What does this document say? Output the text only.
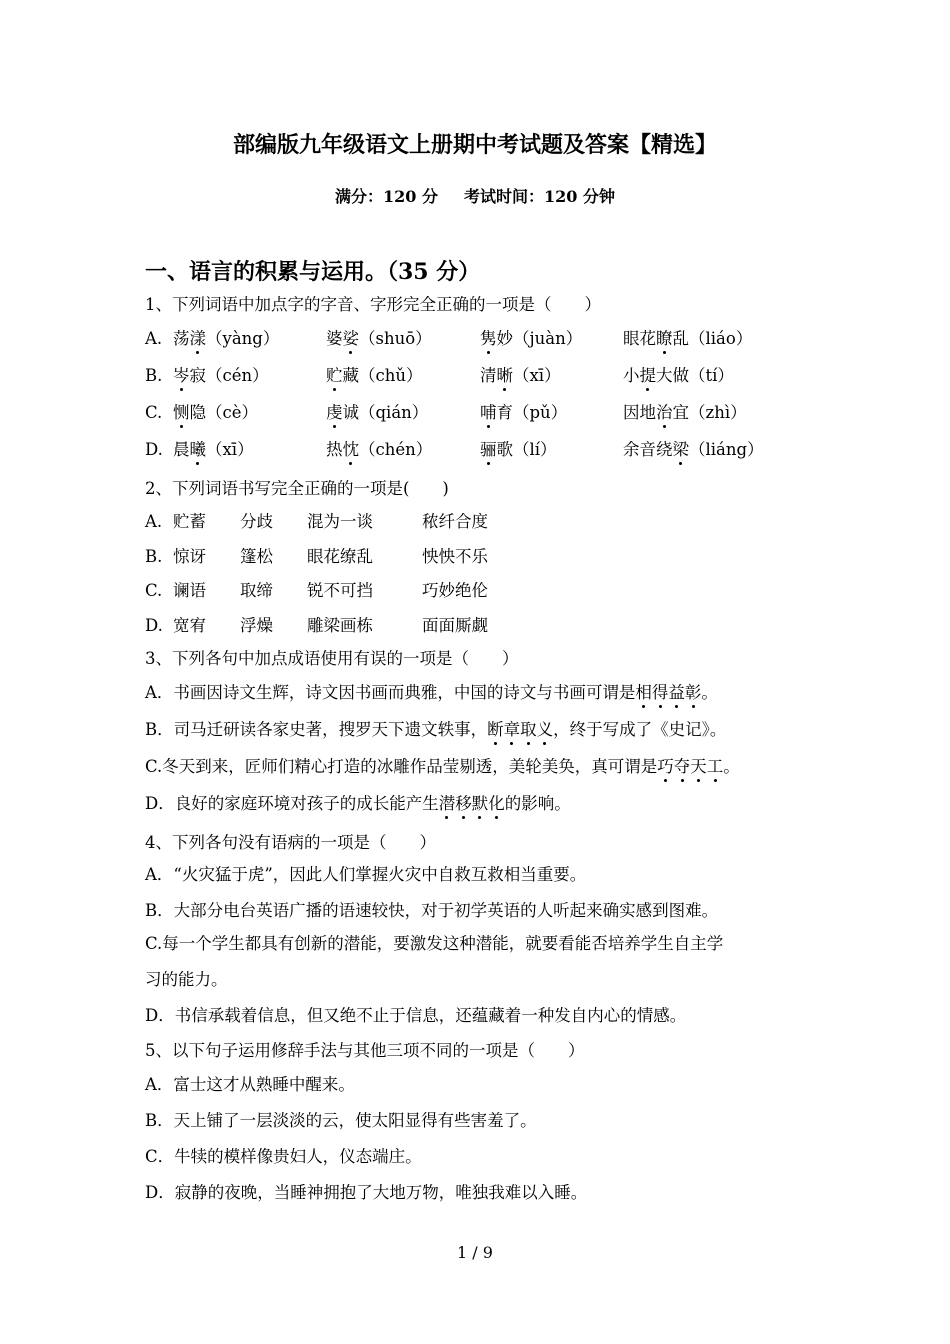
部编版九年级语文上册期中考试题及答案【精选】
满分：120 分 考试时间：120 分钟
一、语言的积累与运用。（35 分）
1、下列词语中加点字的字音、字形完全正确的一项是（　　）
A. 荡漾（yàng）	婆娑（shuō）	隽妙（juàn） 眼花瞭乱（liáo）
B. 岑寂（cén）	贮藏（chǔ）	清晰（xī）	小提大做（tí）
C. 恻隐（cè）	虔诚（qián）	哺育（pǔ）	因地治宜（zhì）
D. 晨曦（xī）	热忱（chén）	骊歌（lí）	余音绕梁（liáng）
2、下列词语书写完全正确的一项是(　　)
A. 贮蓄 分歧 混为一谈	秾纤合度
B. 惊讶 篷松 眼花缭乱	怏怏不乐
C. 谰语 取缔 锐不可挡	巧妙绝伦
D. 宽宥 浮燥 雕梁画栋	面面厮觑
3、下列各句中加点成语使用有误的一项是（　　）
A．书画因诗文生辉，诗文因书画而典雅，中国的诗文与书画可谓是相得益彰。
B．司马迁研读各家史著，搜罗天下遗文轶事，断章取义，终于写成了《史记》。
C.冬天到来，匠师们精心打造的冰雕作品莹剔透，美轮美奂，真可谓是巧夺天工。
D．良好的家庭环境对孩子的成长能产生潜移默化的影响。
4、下列各句没有语病的一项是（　　）
A．“火灾猛于虎”，因此人们掌握火灾中自救互救相当重要。
B．大部分电台英语广播的语速较快，对于初学英语的人听起来确实感到图难。
C.每一个学生都具有创新的潜能，要激发这种潜能，就要看能否培养学生自主学
习的能力。
D．书信承载着信息，但又绝不止于信息，还蕴藏着一种发自内心的情感。
5、以下句子运用修辞手法与其他三项不同的一项是（　　）
A．富士这才从熟睡中醒来。
B．天上铺了一层淡淡的云，使太阳显得有些害羞了。
C．牛犊的模样像贵妇人，仪态端庄。
D．寂静的夜晚，当睡神拥抱了大地万物，唯独我难以入睡。
1 / 9
